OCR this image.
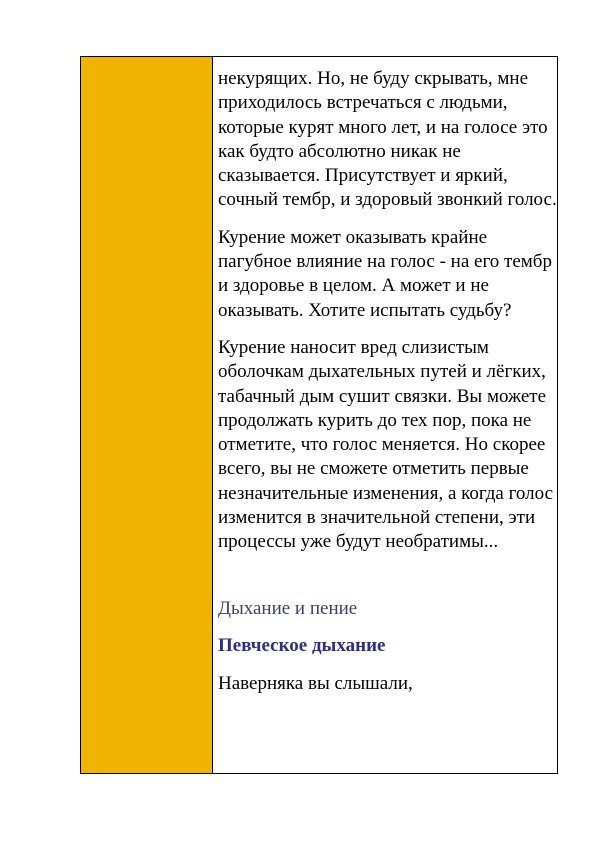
некурящих. Но, не буду скрывать, мне приходилось встречаться с людьми, которые курят много лет, и на голосе это как будто абсолютно никак не сказывается. Присутствует и яркий, сочный тембр, и здоровый звонкий голос.

Курение может оказывать крайне пагубное влияние на голос - на его тембр и здоровье в целом. А может и не оказывать. Хотите испытать судьбу?

Курение наносит вред слизистым оболочкам дыхательных путей и лёгких, табачный дым сушит связки. Вы можете продолжать курить до тех пор, пока не отметите, что голос меняется. Но скорее всего, вы не сможете отметить первые незначительные изменения, а когда голос изменится в значительной степени, эти процессы уже будут необратимы...

Дыхание и пение

Певческое дыхание

Наверняка вы слышали,
